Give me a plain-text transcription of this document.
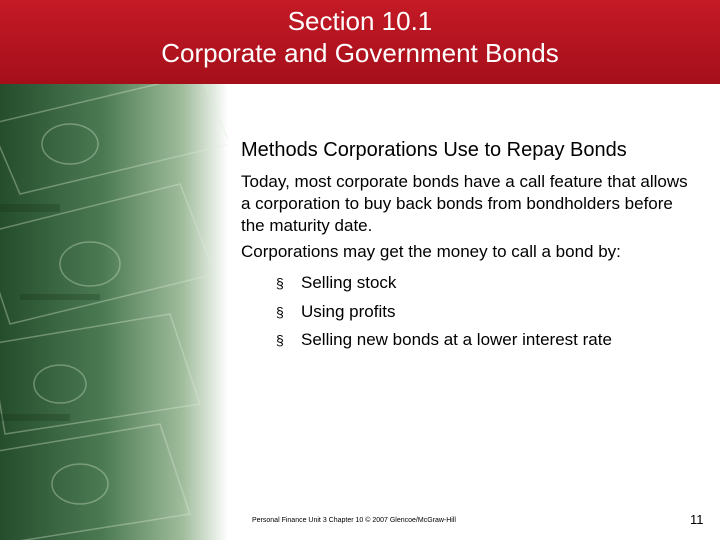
Section 10.1
Corporate and Government Bonds
Methods Corporations Use to Repay Bonds
Today, most corporate bonds have a call feature that allows a corporation to buy back bonds from bondholders before the maturity date.
Corporations may get the money to call a bond by:
§	Selling stock
§	Using profits
§	Selling new bonds at a lower interest rate
Personal Finance Unit 3 Chapter 10 © 2007 Glencoe/McGraw-Hill	11
